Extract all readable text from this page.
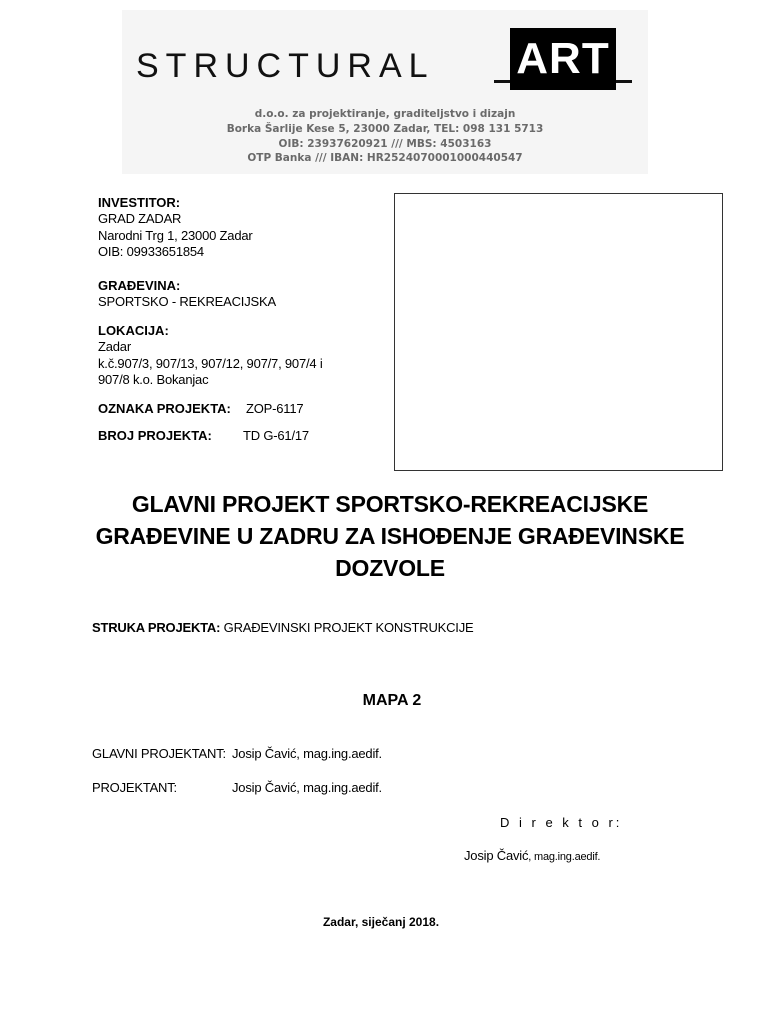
STRUCTURAL ART
d.o.o. za projektiranje, graditeljstvo i dizajn
Borka Šarlije Kese 5, 23000 Zadar, TEL: 098 131 5713
OIB: 23937620921 /// MBS: 4503163
OTP Banka /// IBAN: HR2524070001000440547
INVESTITOR:
GRAD ZADAR
Narodni Trg 1, 23000 Zadar
OIB: 09933651854
GRAĐEVINA:
SPORTSKO - REKREACIJSKA
LOKACIJA:
Zadar
k.č.907/3, 907/13, 907/12, 907/7, 907/4 i
907/8 k.o. Bokanjac
OZNAKA PROJEKTA: ZOP-6117
BROJ PROJEKTA: TD G-61/17
GLAVNI PROJEKT SPORTSKO-REKREACIJSKE
GRAĐEVINE U ZADRU ZA ISHOĐENJE GRAĐEVINSKE
DOZVOLE
STRUKA PROJEKTA: GRAĐEVINSKI PROJEKT KONSTRUKCIJE
MAPA 2
GLAVNI PROJEKTANT: Josip Čavić, mag.ing.aedif.
PROJEKTANT:	Josip Čavić, mag.ing.aedif.
D i r e k t o r:
Josip Čavić, mag.ing.aedif.
Zadar, siječanj 2018.
